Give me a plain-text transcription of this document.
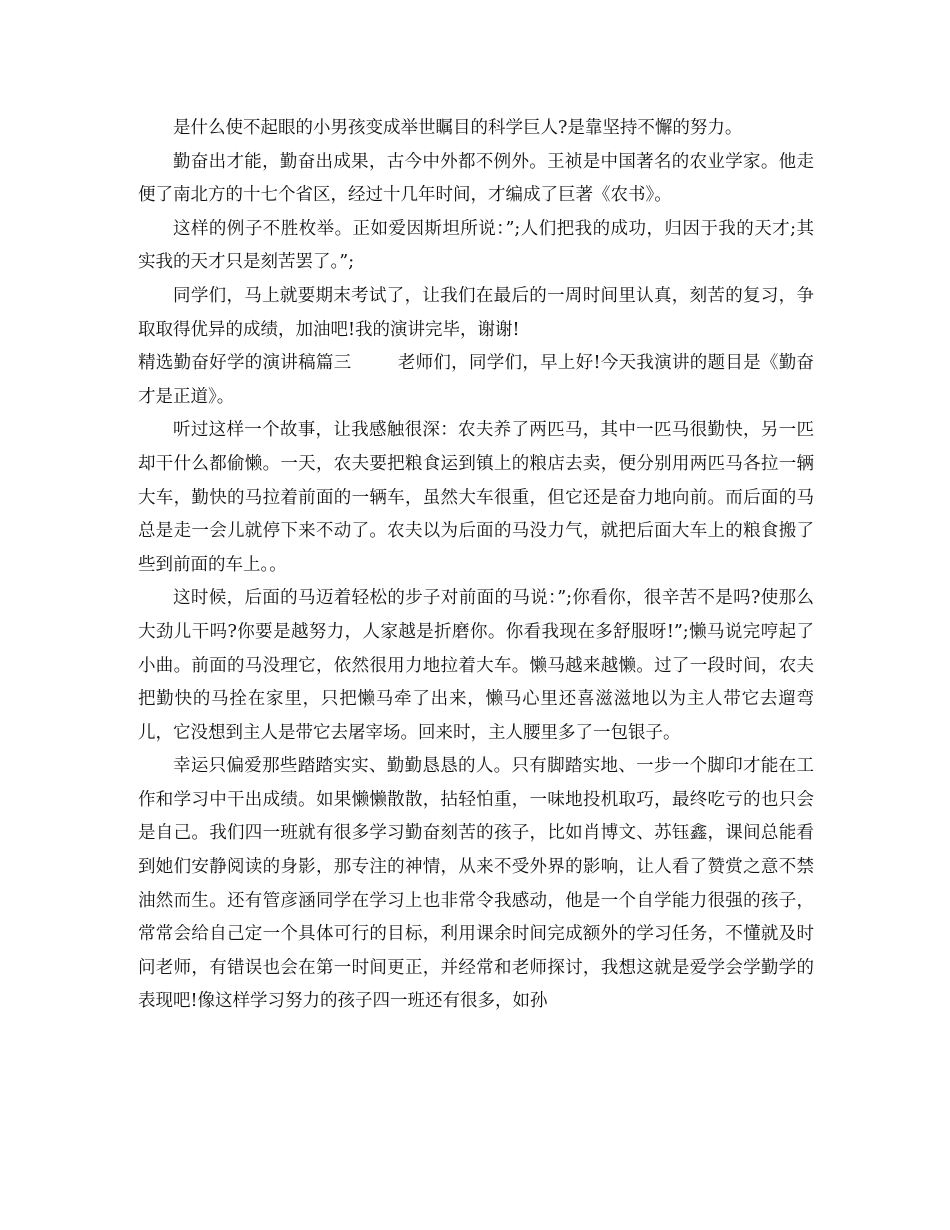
是什么使不起眼的小男孩变成举世瞩目的科学巨人?是靠坚持不懈的努力。

勤奋出才能，勤奋出成果，古今中外都不例外。王祯是中国著名的农业学家。他走便了南北方的十七个省区，经过十几年时间，才编成了巨著《农书》。

这样的例子不胜枚举。正如爱因斯坦所说：”;人们把我的成功，归因于我的天才;其实我的天才只是刻苦罢了。”;

同学们，马上就要期末考试了，让我们在最后的一周时间里认真，刻苦的复习，争取取得优异的成绩，加油吧!我的演讲完毕，谢谢!

精选勤奋好学的演讲稿篇三	老师们，同学们，早上好!今天我演讲的题目是《勤奋才是正道》。

听过这样一个故事，让我感触很深：农夫养了两匹马，其中一匹马很勤快，另一匹却干什么都偷懒。一天，农夫要把粮食运到镇上的粮店去卖，便分别用两匹马各拉一辆大车，勤快的马拉着前面的一辆车，虽然大车很重，但它还是奋力地向前。而后面的马总是走一会儿就停下来不动了。农夫以为后面的马没力气，就把后面大车上的粮食搬了些到前面的车上。。

这时候，后面的马迈着轻松的步子对前面的马说：”;你看你，很辛苦不是吗?使那么大劲儿干吗?你要是越努力，人家越是折磨你。你看我现在多舒服呀!”;懒马说完哼起了小曲。前面的马没理它，依然很用力地拉着大车。懒马越来越懒。过了一段时间，农夫把勤快的马拴在家里，只把懒马牵了出来，懒马心里还喜滋滋地以为主人带它去遛弯儿，它没想到主人是带它去屠宰场。回来时，主人腰里多了一包银子。

幸运只偏爱那些踏踏实实、勤勤恳恳的人。只有脚踏实地、一步一个脚印才能在工作和学习中干出成绩。如果懒懒散散，拈轻怕重，一味地投机取巧，最终吃亏的也只会是自己。我们四一班就有很多学习勤奋刻苦的孩子，比如肖博文、苏钰鑫，课间总能看到她们安静阅读的身影，那专注的神情，从来不受外界的影响，让人看了赞赏之意不禁油然而生。还有管彦涵同学在学习上也非常令我感动，他是一个自学能力很强的孩子，常常会给自己定一个具体可行的目标，利用课余时间完成额外的学习任务，不懂就及时问老师，有错误也会在第一时间更正，并经常和老师探讨，我想这就是爱学会学勤学的表现吧!像这样学习努力的孩子四一班还有很多，如孙
